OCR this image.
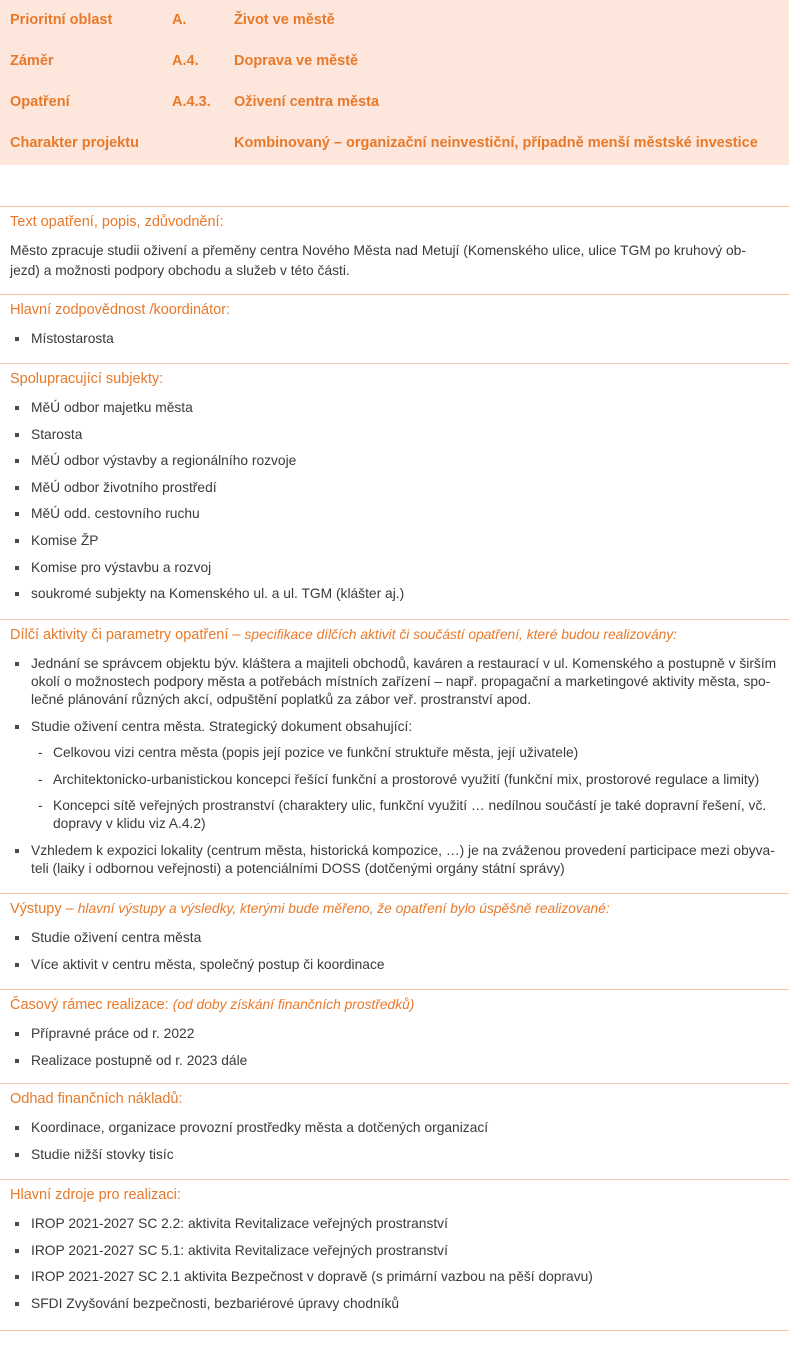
Prioritní oblast	A.	Život ve městě
Záměr	A.4. Doprava ve městě
Opatření	A.4.3. Oživení centra města
Charakter projektu	Kombinovaný – organizační neinvestiční, případně menší městské investice
Text opatření, popis, zdůvodnění:
Město zpracuje studii oživení a přeměny centra Nového Města nad Metují (Komenského ulice, ulice TGM po kruhový ob-
jezd) a možnosti podpory obchodu a služeb v této části.
Hlavní zodpovědnost /koordinátor:
Místostarosta
Spolupracující subjekty:
MěÚ odbor majetku města
Starosta
MěÚ odbor výstavby a regionálního rozvoje
MěÚ odbor životního prostředí
MěÚ odd. cestovního ruchu
Komise ŽP
Komise pro výstavbu a rozvoj
soukromé subjekty na Komenského ul. a ul. TGM (klášter aj.)
Dílčí aktivity či parametry opatření – specifikace dílčích aktivit či součástí opatření, které budou realizovány:
Jednání se správcem objektu býv. kláštera a majiteli obchodů, kaváren a restaurací v ul. Komenského a postupně v širším okolí o možnostech podpory města a potřebách místních zařízení – např. propagační a marketingové aktivity města, spo-lečné plánování různých akcí, odpuštění poplatků za zábor veř. prostranství apod.
Studie oživení centra města. Strategický dokument obsahující:
- Celkovou vizi centra města (popis její pozice ve funkční struktuře města, její uživatele)
- Architektonicko-urbanistickou koncepci řešící funkční a prostorové využití (funkční mix, prostorové regulace a limity)
- Koncepci sítě veřejných prostranství (charaktery ulic, funkční využití … nedílnou součástí je také dopravní řešení, vč. dopravy v klidu viz A.4.2)
Vzhledem k expozici lokality (centrum města, historická kompozice, …) je na zváženou provedení participace mezi obyva-teli (laiky i odbornou veřejnosti) a potenciálními DOSS (dotčenými orgány státní správy)
Výstupy – hlavní výstupy a výsledky, kterými bude měřeno, že opatření bylo úspěšně realizované:
Studie oživení centra města
Více aktivit v centru města, společný postup či koordinace
Časový rámec realizace: (od doby získání finančních prostředků)
Přípravné práce od r. 2022
Realizace postupně od r. 2023 dále
Odhad finančních nákladů:
Koordinace, organizace provozní prostředky města a dotčených organizací
Studie nižší stovky tisíc
Hlavní zdroje pro realizaci:
IROP 2021-2027 SC 2.2: aktivita Revitalizace veřejných prostranství
IROP 2021-2027 SC 5.1: aktivita Revitalizace veřejných prostranství
IROP 2021-2027 SC 2.1 aktivita Bezpečnost v dopravě (s primární vazbou na pěší dopravu)
SFDI Zvyšování bezpečnosti, bezbariérové úpravy chodníků
